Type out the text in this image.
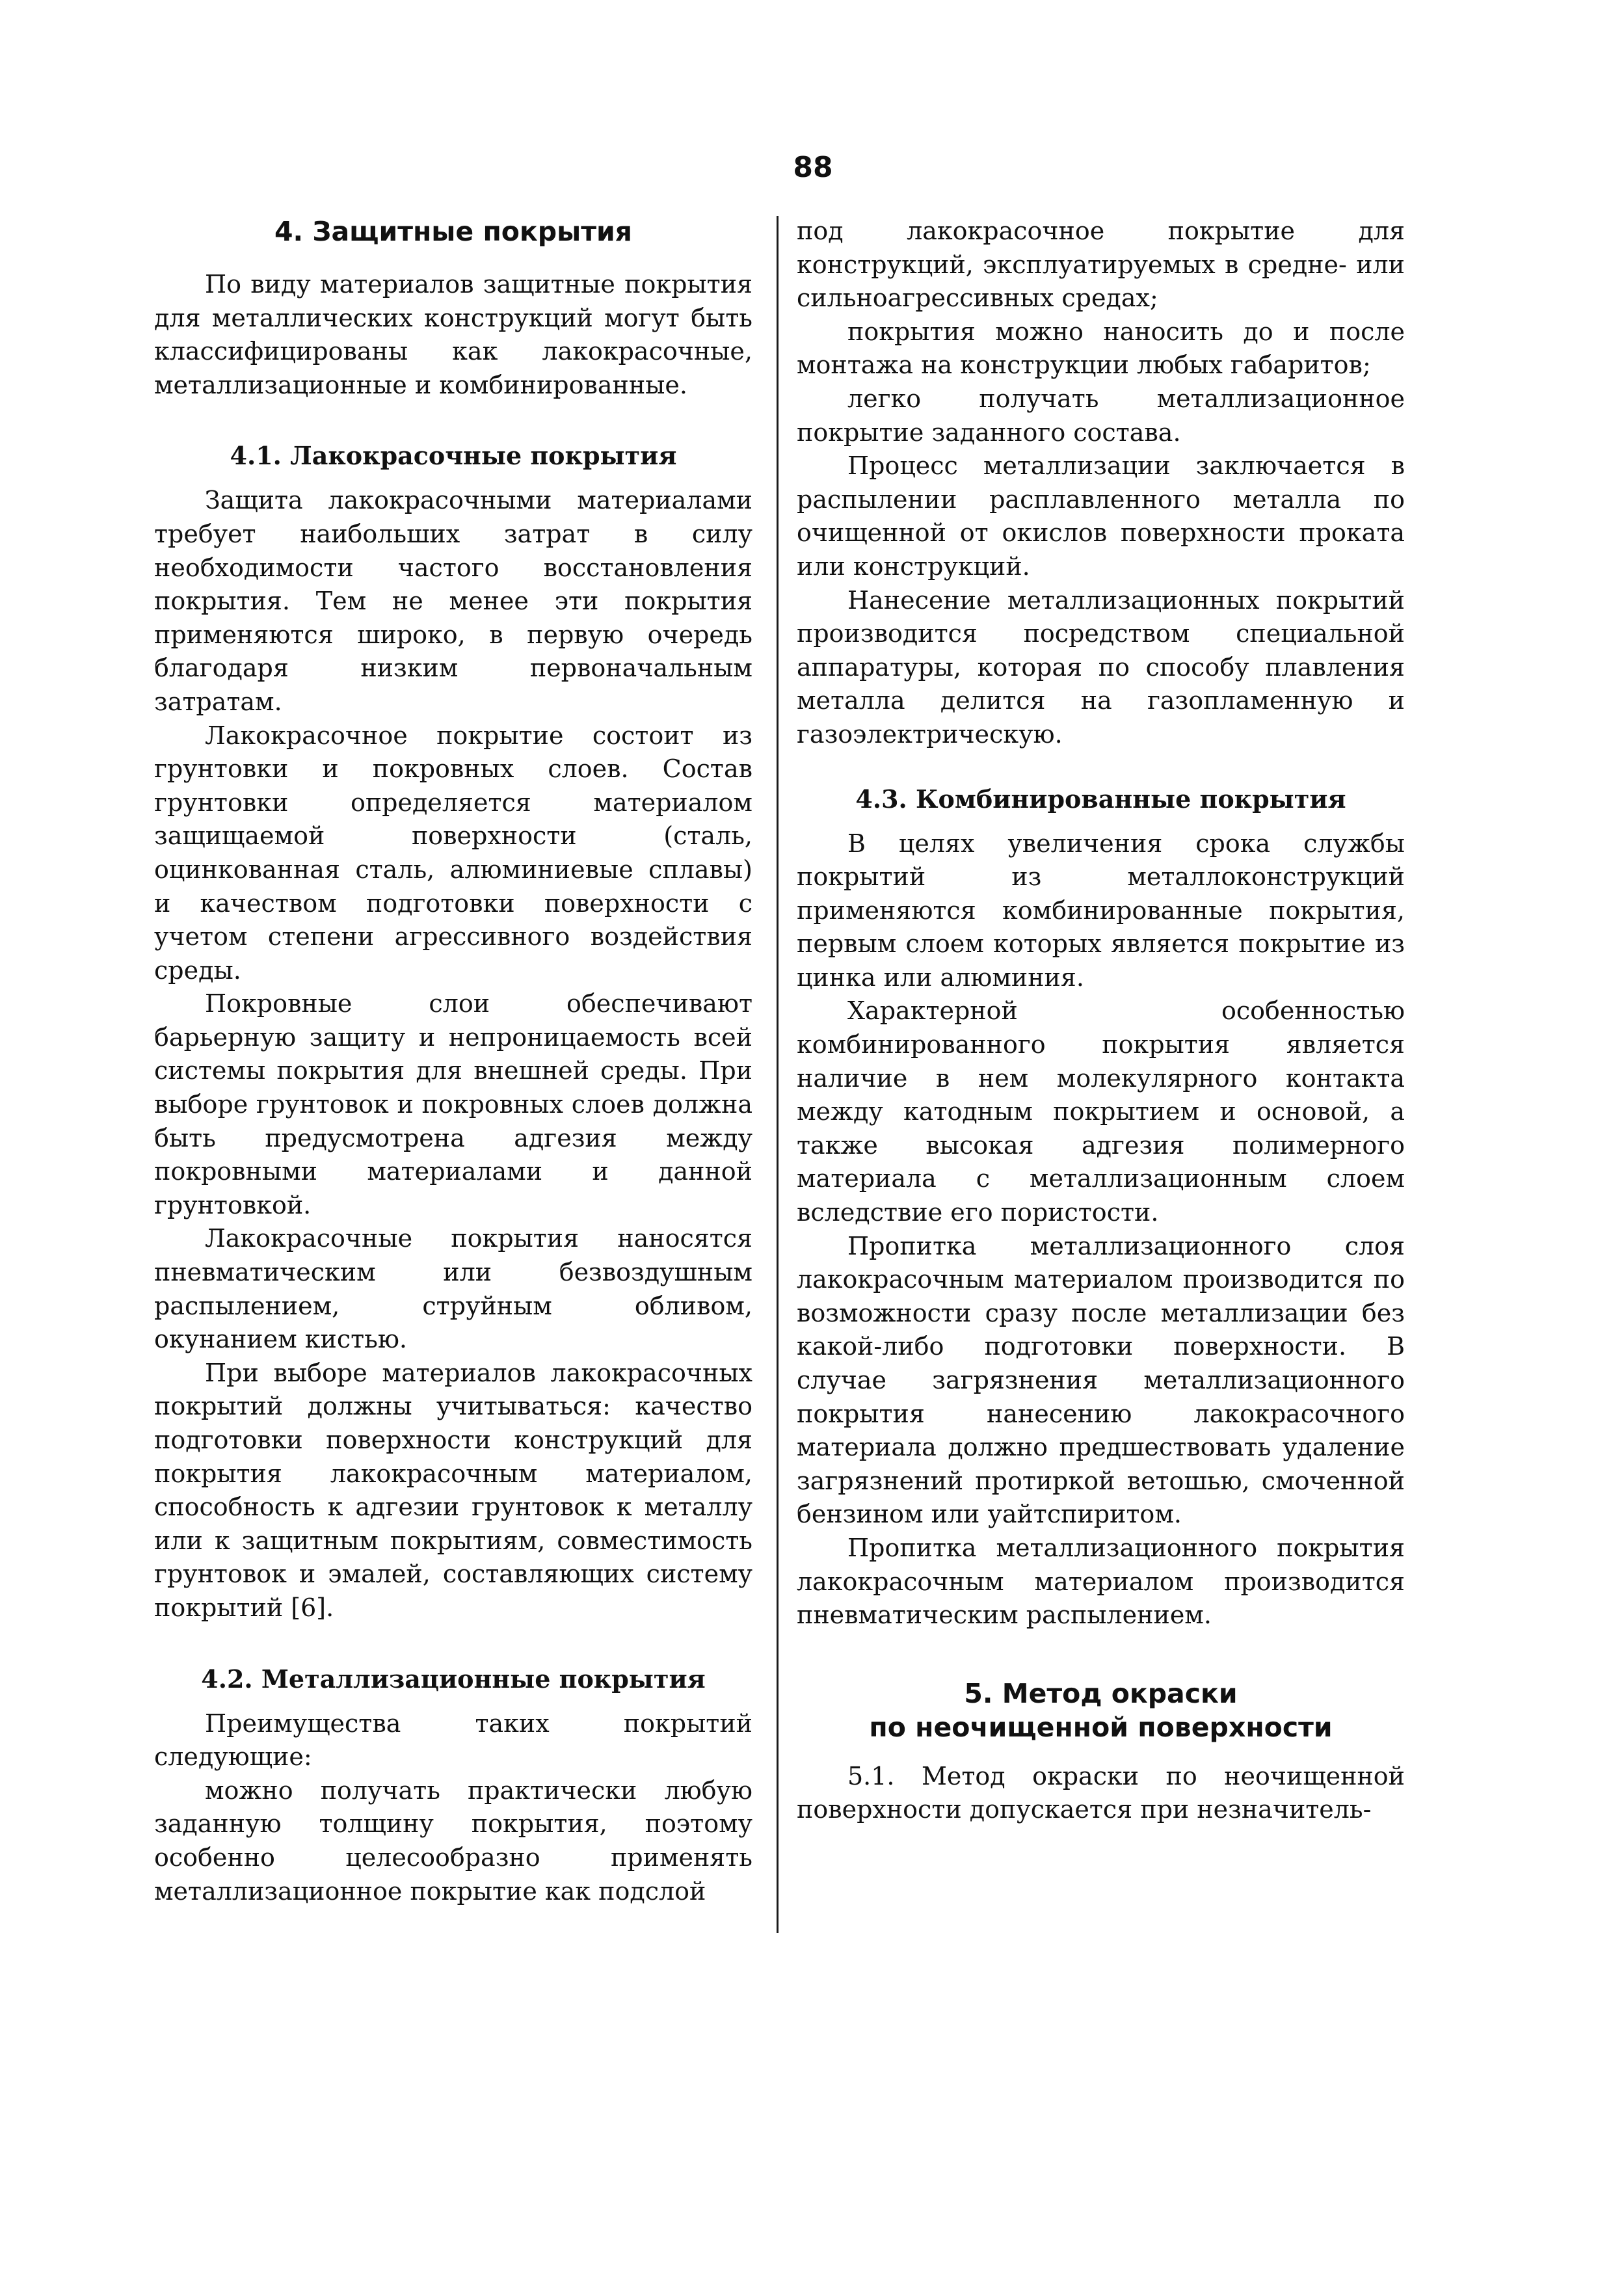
88
4. Защитные покрытия

По виду материалов защитные покрытия для металлических конструкций могут быть классифицированы как лакокрасочные, металлизационные и комбинированные.

4.1. Лакокрасочные покрытия

Защита лакокрасочными материалами требует наибольших затрат в силу необходимости частого восстановления покрытия. Тем не менее эти покрытия применяются широко, в первую очередь благодаря низким первоначальным затратам.

Лакокрасочное покрытие состоит из грунтовки и покровных слоев. Состав грунтовки определяется материалом защищаемой поверхности (сталь, оцинкованная сталь, алюминиевые сплавы) и качеством подготовки поверхности с учетом степени агрессивного воздействия среды.

Покровные слои обеспечивают барьерную защиту и непроницаемость всей системы покрытия для внешней среды. При выборе грунтовок и покровных слоев должна быть предусмотрена адгезия между покровными материалами и данной грунтовкой.

Лакокрасочные покрытия наносятся пневматическим или безвоздушным распылением, струйным обливом, окунанием кистью.

При выборе материалов лакокрасочных покрытий должны учитываться: качество подготовки поверхности конструкций для покрытия лакокрасочным материалом, способность к адгезии грунтовок к металлу или к защитным покрытиям, совместимость грунтовок и эмалей, составляющих систему покрытий [6].

4.2. Металлизационные покрытия

Преимущества таких покрытий следующие:

можно получать практически любую заданную толщину покрытия, поэтому особенно целесообразно применять металлизационное покрытие как подслой

под лакокрасочное покрытие для конструкций, эксплуатируемых в средне- или сильноагрессивных средах;

покрытия можно наносить до и после монтажа на конструкции любых габаритов;

легко получать металлизационное покрытие заданного состава.

Процесс металлизации заключается в распылении расплавленного металла по очищенной от окислов поверхности проката или конструкций.

Нанесение металлизационных покрытий производится посредством специальной аппаратуры, которая по способу плавления металла делится на газопламенную и газоэлектрическую.

4.3. Комбинированные покрытия

В целях увеличения срока службы покрытий из металлоконструкций применяются комбинированные покрытия, первым слоем которых является покрытие из цинка или алюминия.

Характерной особенностью комбинированного покрытия является наличие в нем молекулярного контакта между катодным покрытием и основой, а также высокая адгезия полимерного материала с металлизационным слоем вследствие его пористости.

Пропитка металлизационного слоя лакокрасочным материалом производится по возможности сразу после металлизации без какой-либо подготовки поверхности. В случае загрязнения металлизационного покрытия нанесению лакокрасочного материала должно предшествовать удаление загрязнений протиркой ветошью, смоченной бензином или уайтспиритом.

Пропитка металлизационного покрытия лакокрасочным материалом производится пневматическим распылением.

5. Метод окраски
по неочищенной поверхности

5.1. Метод окраски по неочищенной поверхности допускается при незначитель-
